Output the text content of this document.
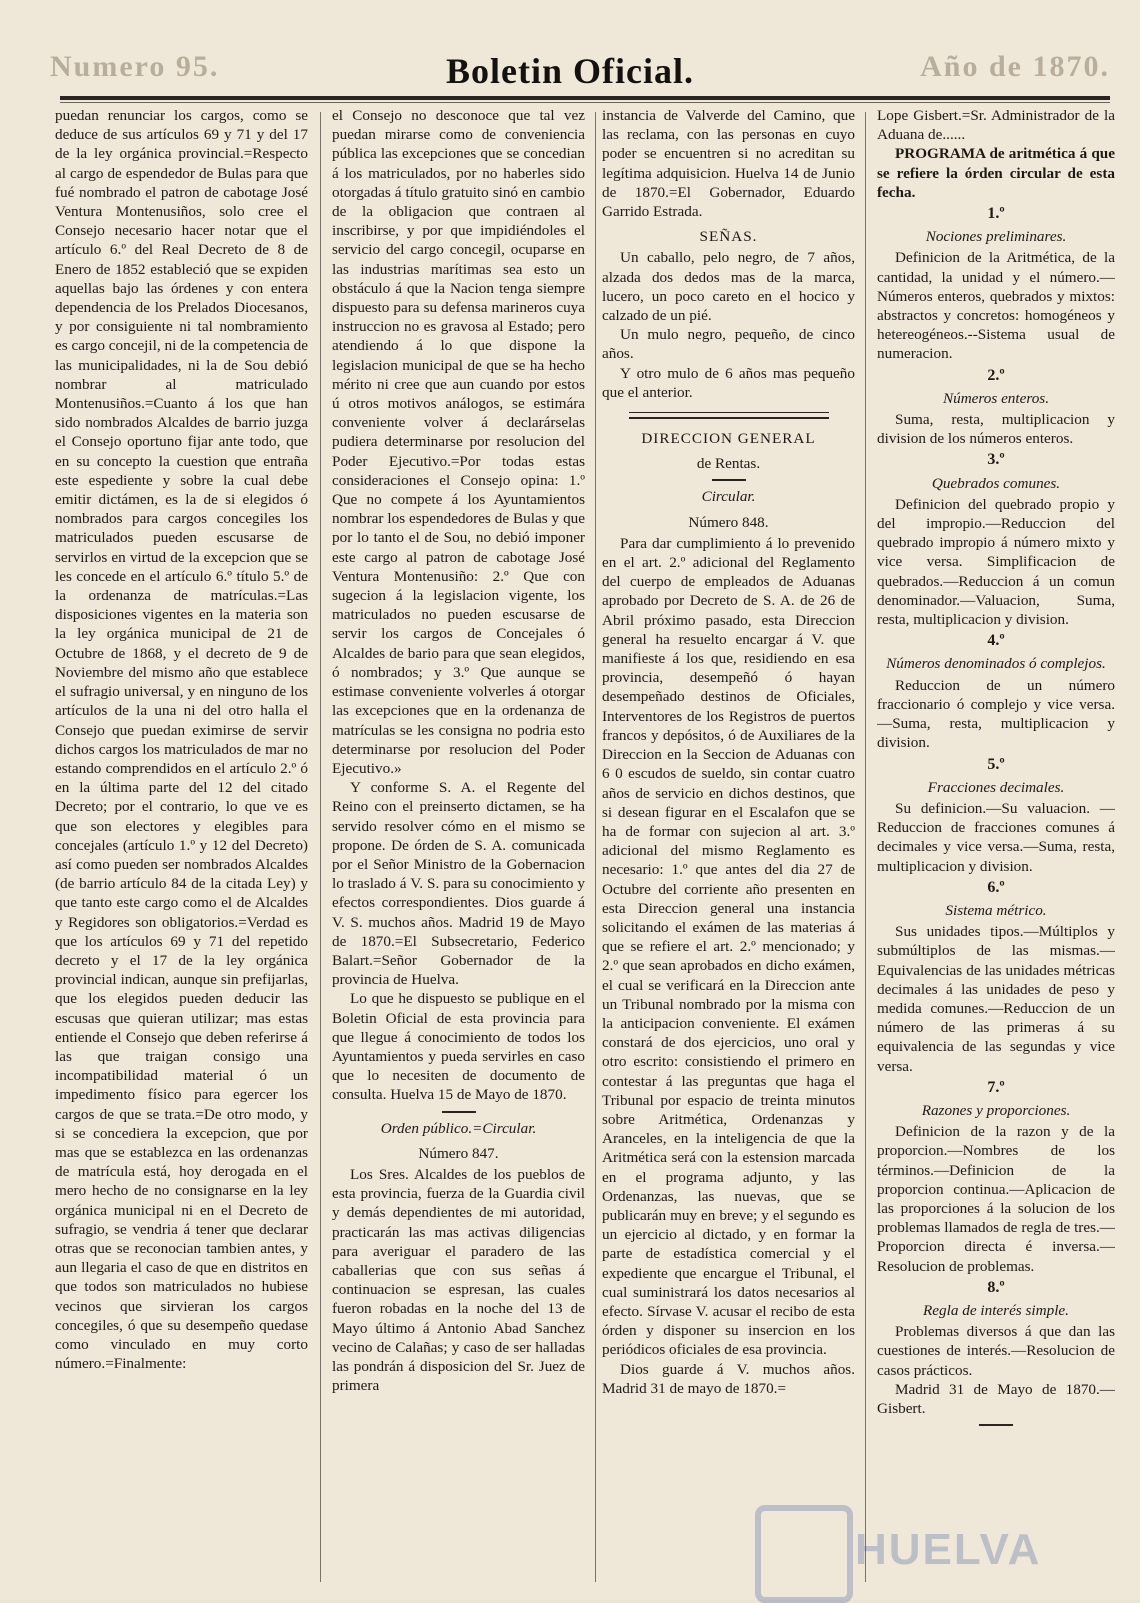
Numero 95.	Boletin Oficial.	Año de 1870.

puedan renunciar los cargos, como se deduce de sus artículos 69 y 71 y del 17 de la ley orgánica provincial.=Respecto al cargo de espendedor de Bulas para que fué nombrado el patron de cabotage José Ventura Montenusiños, solo cree el Consejo necesario hacer notar que el artículo 6.º del Real Decreto de 8 de Enero de 1852 estableció que se expiden aquellas bajo las órdenes y con entera dependencia de los Prelados Diocesanos, y por consiguiente ni tal nombramiento es cargo concejil, ni de la competencia de las municipalidades, ni la de Sou debió nombrar al matriculado Montenusiños.=Cuanto á los que han sido nombrados Alcaldes de barrio juzga el Consejo oportuno fijar ante todo, que en su concepto la cuestion que entraña este espediente y sobre la cual debe emitir dictámen, es la de si elegidos ó nombrados para cargos concegiles los matriculados pueden escusarse de servirlos en virtud de la excepcion que se les concede en el artículo 6.º título 5.º de la ordenanza de matrículas.=Las disposiciones vigentes en la materia son la ley orgánica municipal de 21 de Octubre de 1868, y el decreto de 9 de Noviembre del mismo año que establece el sufragio universal, y en ninguno de los artículos de la una ni del otro halla el Consejo que puedan eximirse de servir dichos cargos los matriculados de mar no estando comprendidos en el artículo 2.º ó en la última parte del 12 del citado Decreto; por el contrario, lo que ve es que son electores y elegibles para concejales (artículo 1.º y 12 del Decreto) así como pueden ser nombrados Alcaldes (de barrio artículo 84 de la citada Ley) y que tanto este cargo como el de Alcaldes y Regidores son obligatorios.=Verdad es que los artículos 69 y 71 del repetido decreto y el 17 de la ley orgánica provincial indican, aunque sin prefijarlas, que los elegidos pueden deducir las escusas que quieran utilizar; mas estas entiende el Consejo que deben referirse á las que traigan consigo una incompatibilidad material ó un impedimento físico para egercer los cargos de que se trata.=De otro modo, y si se concediera la excepcion, que por mas que se establezca en las ordenanzas de matrícula está, hoy derogada en el mero hecho de no consignarse en la ley orgánica municipal ni en el Decreto de sufragio, se vendria á tener que declarar otras que se reconocian tambien antes, y aun llegaria el caso de que en distritos en que todos son matriculados no hubiese vecinos que sirvieran los cargos concegiles, ó que su desempeño quedase como vinculado en muy corto número.=Finalmente:

el Consejo no desconoce que tal vez puedan mirarse como de conveniencia pública las excepciones que se concedian á los matriculados, por no haberles sido otorgadas á título gratuito sinó en cambio de la obligacion que contraen al inscribirse, y por que impidiéndoles el servicio del cargo concegil, ocuparse en las industrias marítimas sea esto un obstáculo á que la Nacion tenga siempre dispuesto para su defensa marineros cuya instruccion no es gravosa al Estado; pero atendiendo á lo que dispone la legislacion municipal de que se ha hecho mérito ni cree que aun cuando por estos ú otros motivos análogos, se estimára conveniente volver á declarárselas pudiera determinarse por resolucion del Poder Ejecutivo.=Por todas estas consideraciones el Consejo opina: 1.º Que no compete á los Ayuntamientos nombrar los espendedores de Bulas y que por lo tanto el de Sou, no debió imponer este cargo al patron de cabotage José Ventura Montenusiño: 2.º Que con sugecion á la legislacion vigente, los matriculados no pueden escusarse de servir los cargos de Concejales ó Alcaldes de bario para que sean elegidos, ó nombrados; y 3.º Que aunque se estimase conveniente volverles á otorgar las excepciones que en la ordenanza de matrículas se les consigna no podria esto determinarse por resolucion del Poder Ejecutivo.»

Y conforme S. A. el Regente del Reino con el preinserto dictamen, se ha servido resolver cómo en el mismo se propone. De órden de S. A. comunicada por el Señor Ministro de la Gobernacion lo traslado á V. S. para su conocimiento y efectos correspondientes. Dios guarde á V. S. muchos años. Madrid 19 de Mayo de 1870.=El Subsecretario, Federico Balart.=Señor Gobernador de la provincia de Huelva.

Lo que he dispuesto se publique en el Boletin Oficial de esta provincia para que llegue á conocimiento de todos los Ayuntamientos y pueda servirles en caso que lo necesiten de documento de consulta. Huelva 15 de Mayo de 1870.

Orden público.=Circular.
Número 847.

Los Sres. Alcaldes de los pueblos de esta provincia, fuerza de la Guardia civil y demás dependientes de mi autoridad, practicarán las mas activas diligencias para averiguar el paradero de las caballerias que con sus señas á continuacion se espresan, las cuales fueron robadas en la noche del 13 de Mayo último á Antonio Abad Sanchez vecino de Calañas; y caso de ser halladas las pondrán á disposicion del Sr. Juez de primera

instancia de Valverde del Camino, que las reclama, con las personas en cuyo poder se encuentren si no acreditan su legítima adquisicion. Huelva 14 de Junio de 1870.=El Gobernador, Eduardo Garrido Estrada.

SEÑAS.

Un caballo, pelo negro, de 7 años, alzada dos dedos mas de la marca, lucero, un poco careto en el hocico y calzado de un pié.

Un mulo negro, pequeño, de cinco años.

Y otro mulo de 6 años mas pequeño que el anterior.

DIRECCION GENERAL
de Rentas.
Circular.
Número 848.

Para dar cumplimiento á lo prevenido en el art. 2.º adicional del Reglamento del cuerpo de empleados de Aduanas aprobado por Decreto de S. A. de 26 de Abril próximo pasado, esta Direccion general ha resuelto encargar á V. que manifieste á los que, residiendo en esa provincia, desempeñó ó hayan desempeñado destinos de Oficiales, Interventores de los Registros de puertos francos y depósitos, ó de Auxiliares de la Direccion en la Seccion de Aduanas con 6 0 escudos de sueldo, sin contar cuatro años de servicio en dichos destinos, que si desean figurar en el Escalafon que se ha de formar con sujecion al art. 3.º adicional del mismo Reglamento es necesario: 1.º que antes del dia 27 de Octubre del corriente año presenten en esta Direccion general una instancia solicitando el exámen de las materias á que se refiere el art. 2.º mencionado; y 2.º que sean aprobados en dicho exámen, el cual se verificará en la Direccion ante un Tribunal nombrado por la misma con la anticipacion conveniente. El exámen constará de dos ejercicios, uno oral y otro escrito: consistiendo el primero en contestar á las preguntas que haga el Tribunal por espacio de treinta minutos sobre Aritmética, Ordenanzas y Aranceles, en la inteligencia de que la Aritmética será con la estension marcada en el programa adjunto, y las Ordenanzas, las nuevas, que se publicarán muy en breve; y el segundo es un ejercicio al dictado, y en formar la parte de estadística comercial y el expediente que encargue el Tribunal, el cual suministrará los datos necesarios al efecto. Sírvase V. acusar el recibo de esta órden y disponer su insercion en los periódicos oficiales de esa provincia.

Dios guarde á V. muchos años. Madrid 31 de mayo de 1870.=

Lope Gisbert.=Sr. Administrador de la Aduana de......

PROGRAMA de aritmética á que se refiere la órden circular de esta fecha.

1.º
Nociones preliminares.

Definicion de la Aritmética, de la cantidad, la unidad y el número.—Números enteros, quebrados y mixtos: abstractos y concretos: homogéneos y hetereogéneos.--Sistema usual de numeracion.

2.º
Números enteros.

Suma, resta, multiplicacion y division de los números enteros.

3.º
Quebrados comunes.

Definicion del quebrado propio y del impropio.—Reduccion del quebrado impropio á número mixto y vice versa. Simplificacion de quebrados.—Reduccion á un comun denominador.—Valuacion, Suma, resta, multiplicacion y division.

4.º
Números denominados ó complejos.

Reduccion de un número fraccionario ó complejo y vice versa. —Suma, resta, multiplicacion y division.

5.º
Fracciones decimales.

Su definicion.—Su valuacion. —Reduccion de fracciones comunes á decimales y vice versa.—Suma, resta, multiplicacion y division.

6.º
Sistema métrico.

Sus unidades tipos.—Múltiplos y submúltiplos de las mismas.—Equivalencias de las unidades métricas decimales á las unidades de peso y medida comunes.—Reduccion de un número de las primeras á su equivalencia de las segundas y vice versa.

7.º
Razones y proporciones.

Definicion de la razon y de la proporcion.—Nombres de los términos.—Definicion de la proporcion continua.—Aplicacion de las proporciones á la solucion de los problemas llamados de regla de tres.—Proporcion directa é inversa.—Resolucion de problemas.

8.º
Regla de interés simple.

Problemas diversos á que dan las cuestiones de interés.—Resolucion de casos prácticos.

Madrid 31 de Mayo de 1870.—Gisbert.

HUELVA
